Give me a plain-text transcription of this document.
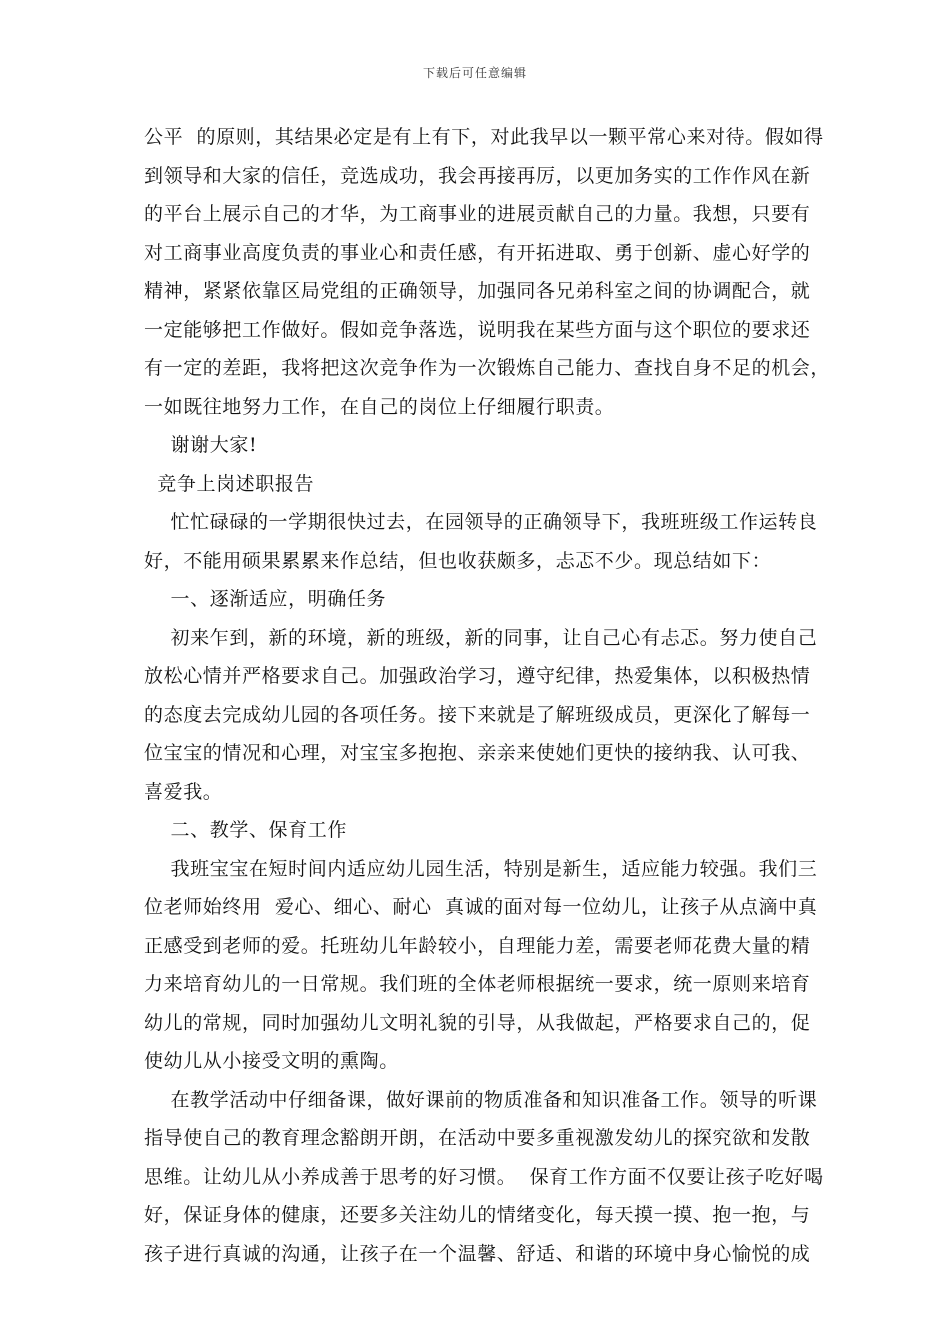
下载后可任意编辑
公平  的原则，其结果必定是有上有下，对此我早以一颗平常心来对待。假如得
到领导和大家的信任，竞选成功，我会再接再厉，以更加务实的工作作风在新
的平台上展示自己的才华，为工商事业的进展贡献自己的力量。我想，只要有
对工商事业高度负责的事业心和责任感，有开拓进取、勇于创新、虚心好学的
精神，紧紧依靠区局党组的正确领导，加强同各兄弟科室之间的协调配合，就
一定能够把工作做好。假如竞争落选，说明我在某些方面与这个职位的要求还
有一定的差距，我将把这次竞争作为一次锻炼自己能力、查找自身不足的机会，
一如既往地努力工作，在自己的岗位上仔细履行职责。
谢谢大家!
竞争上岗述职报告
忙忙碌碌的一学期很快过去，在园领导的正确领导下，我班班级工作运转良
好，不能用硕果累累来作总结，但也收获颇多，忐忑不少。现总结如下：
一、逐渐适应，明确任务
初来乍到，新的环境，新的班级，新的同事，让自己心有忐忑。努力使自己
放松心情并严格要求自己。加强政治学习，遵守纪律，热爱集体，以积极热情
的态度去完成幼儿园的各项任务。接下来就是了解班级成员，更深化了解每一
位宝宝的情况和心理，对宝宝多抱抱、亲亲来使她们更快的接纳我、认可我、
喜爱我。
二、教学、保育工作
我班宝宝在短时间内适应幼儿园生活，特别是新生，适应能力较强。我们三
位老师始终用  爱心、细心、耐心  真诚的面对每一位幼儿，让孩子从点滴中真
正感受到老师的爱。托班幼儿年龄较小，自理能力差，需要老师花费大量的精
力来培育幼儿的一日常规。我们班的全体老师根据统一要求，统一原则来培育
幼儿的常规，同时加强幼儿文明礼貌的引导，从我做起，严格要求自己的，促
使幼儿从小接受文明的熏陶。
在教学活动中仔细备课，做好课前的物质准备和知识准备工作。领导的听课
指导使自己的教育理念豁朗开朗，在活动中要多重视激发幼儿的探究欲和发散
思维。让幼儿从小养成善于思考的好习惯。  保育工作方面不仅要让孩子吃好喝
好，保证身体的健康，还要多关注幼儿的情绪变化，每天摸一摸、抱一抱，与
孩子进行真诚的沟通，让孩子在一个温馨、舒适、和谐的环境中身心愉悦的成
